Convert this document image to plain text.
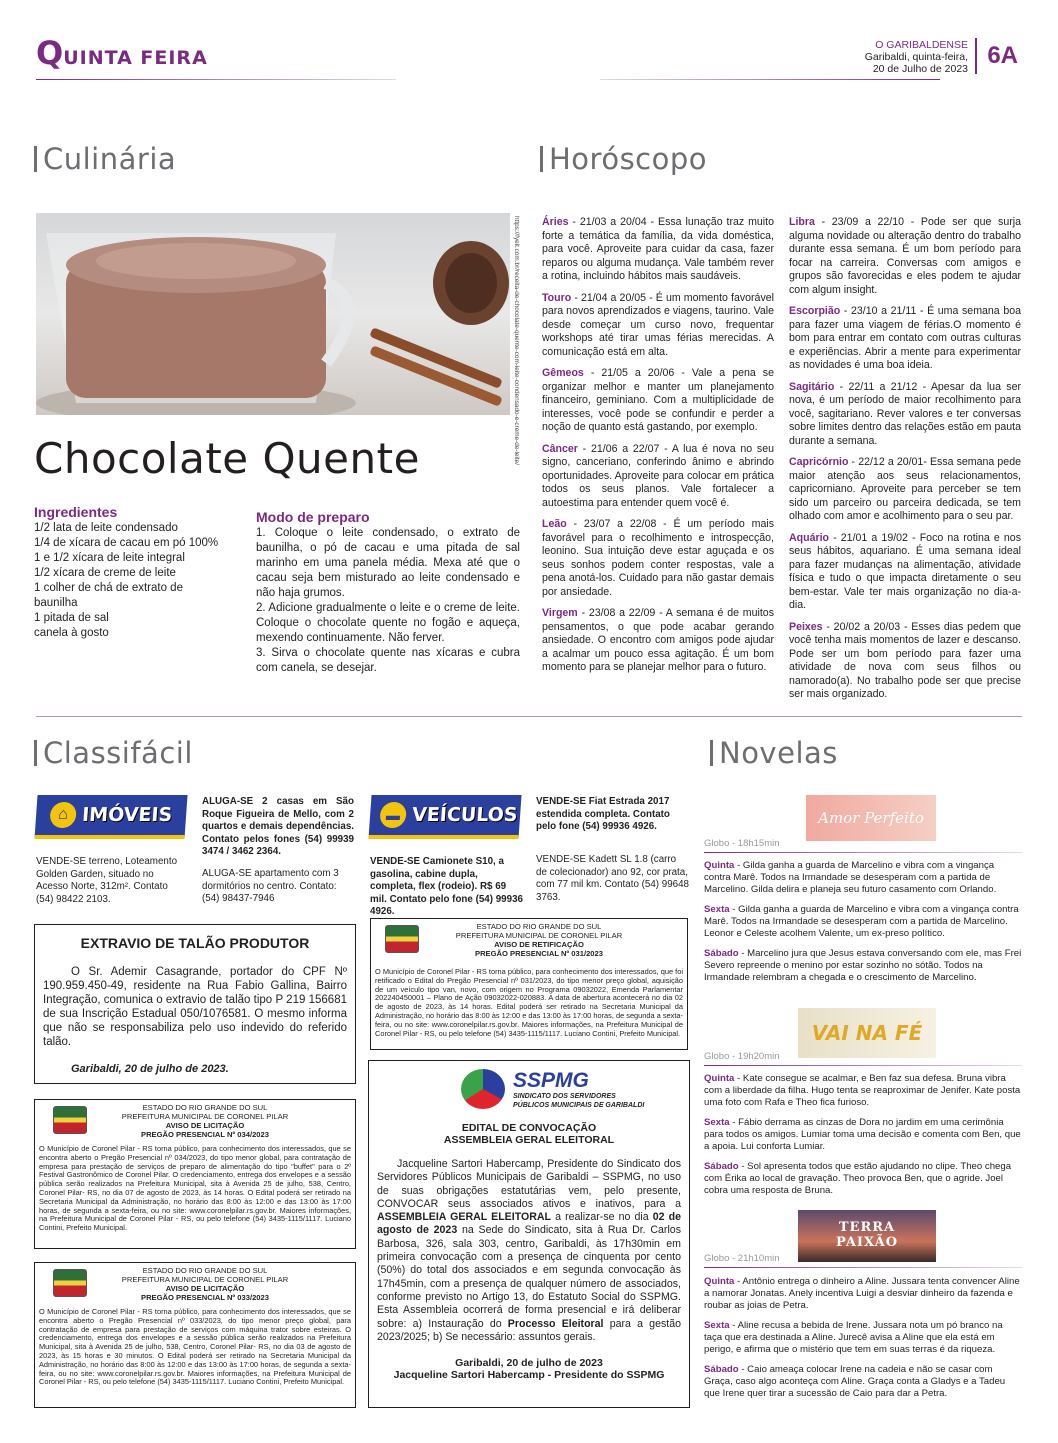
QUINTA FEIRA
O GARIBALDENSE
Garibaldi, quinta-feira,
20 de Julho de 2023 6A
Culinária
https://fyeit.com.br/receita-de-chocolate-quente-com-leite-condensado-e-creme-de-leite/
Chocolate Quente
Ingredientes
1/2 lata de leite condensado
1/4 de xícara de cacau em pó 100%
1 e 1/2 xícara de leite integral
1/2 xícara de creme de leite
1 colher de chá de extrato de baunilha
1 pitada de sal
canela à gosto
Modo de preparo
1. Coloque o leite condensado, o extrato de baunilha, o pó de cacau e uma pitada de sal marinho em uma panela média. Mexa até que o cacau seja bem misturado ao leite condensado e não haja grumos.
2. Adicione gradualmente o leite e o creme de leite. Coloque o chocolate quente no fogão e aqueça, mexendo continuamente. Não ferver.
3. Sirva o chocolate quente nas xícaras e cubra com canela, se desejar.
Horóscopo

Áries - 21/03 a 20/04 - Essa lunação traz muito forte a temática da família, da vida doméstica, para você. Aproveite para cuidar da casa, fazer reparos ou alguma mudança. Vale também rever a rotina, incluindo hábitos mais saudáveis.

Touro - 21/04 a 20/05 - É um momento favorável para novos aprendizados e viagens, taurino. Vale desde começar um curso novo, frequentar workshops até tirar umas férias merecidas. A comunicação está em alta.

Gêmeos - 21/05 a 20/06 - Vale a pena se organizar melhor e manter um planejamento financeiro, geminiano. Com a multiplicidade de interesses, você pode se confundir e perder a noção de quanto está gastando, por exemplo.

Câncer - 21/06 a 22/07 - A lua é nova no seu signo, canceriano, conferindo ânimo e abrindo oportunidades. Aproveite para colocar em prática todos os seus planos. Vale fortalecer a autoestima para entender quem você é.

Leão - 23/07 a 22/08 - É um período mais favorável para o recolhimento e introspecção, leonino. Sua intuição deve estar aguçada e os seus sonhos podem conter respostas, vale a pena anotá-los. Cuidado para não gastar demais por ansiedade.

Virgem - 23/08 a 22/09 - A semana é de muitos pensamentos, o que pode acabar gerando ansiedade. O encontro com amigos pode ajudar a acalmar um pouco essa agitação. É um bom momento para se planejar melhor para o futuro.

Libra - 23/09 a 22/10 - Pode ser que surja alguma novidade ou alteração dentro do trabalho durante essa semana. É um bom período para focar na carreira. Conversas com amigos e grupos são favorecidas e eles podem te ajudar com algum insight.

Escorpião - 23/10 a 21/11 - É uma semana boa para fazer uma viagem de férias.O momento é bom para entrar em contato com outras culturas e experiências. Abrir a mente para experimentar as novidades é uma boa ideia.

Sagitário - 22/11 a 21/12 - Apesar da lua ser nova, é um período de maior recolhimento para você, sagitariano. Rever valores e ter conversas sobre limites dentro das relações estão em pauta durante a semana.

Capricórnio - 22/12 a 20/01- Essa semana pede maior atenção aos seus relacionamentos, capricorniano. Aproveite para perceber se tem sido um parceiro ou parceira dedicada, se tem olhado com amor e acolhimento para o seu par.

Aquário - 21/01 a 19/02 - Foco na rotina e nos seus hábitos, aquariano. É uma semana ideal para fazer mudanças na alimentação, atividade física e tudo o que impacta diretamente o seu bem-estar. Vale ter mais organização no dia-a-dia.

Peixes - 20/02 a 20/03 - Esses dias pedem que você tenha mais momentos de lazer e descanso. Pode ser um bom período para fazer uma atividade de nova com seus filhos ou namorado(a). No trabalho pode ser que precise ser mais organizado.

Classifácil
⌂ IMÓVEIS
ALUGA-SE 2 casas em São Roque Figueira de Mello, com 2 quartos e demais dependências. Contato pelos fones (54) 99939 3474 / 3462 2364.
ALUGA-SE apartamento com 3 dormitórios no centro. Contato: (54) 98437-7946
VENDE-SE terreno, Loteamento Golden Garden, situado no Acesso Norte, 312m². Contato (54) 98422 2103.
▬ VEÍCULOS
VENDE-SE Fiat Estrada 2017 estendida completa. Contato pelo fone (54) 99936 4926.
VENDE-SE Kadett SL 1.8 (carro de colecionador) ano 92, cor prata, com 77 mil km. Contato (54) 99648 3763.
VENDE-SE Camionete S10, a gasolina, cabine dupla, completa, flex (rodeio). R$ 69 mil. Contato pelo fone (54) 99936 4926.
EXTRAVIO DE TALÃO PRODUTOR
O Sr. Ademir Casagrande, portador do CPF Nº 190.959.450-49, residente na Rua Fabio Gallina, Bairro Integração, comunica o extravio de talão tipo P 219 156681 de sua Inscrição Estadual 050/1076581. O mesmo informa que não se responsabiliza pelo uso indevido do referido talão.
Garibaldi, 20 de julho de 2023.
ESTADO DO RIO GRANDE DO SUL
PREFEITURA MUNICIPAL DE CORONEL PILAR
AVISO DE RETIFICAÇÃO
PREGÃO PRESENCIAL Nº 031/2023
O Município de Coronel Pilar - RS torna público, para conhecimento dos interessados, que foi retificado o Edital do Pregão Presencial nº 031/2023, do tipo menor preço global, aquisição de um veículo tipo van, novo, com origem no Programa 09032022, Emenda Parlamentar 202240450001 – Plano de Ação 09032022-020883. A data de abertura acontecerá no dia 02 de agosto de 2023, às 14 horas. Edital poderá ser retirado na Secretaria Municipal da Administração, no horário das 8:00 às 12:00 e das 13:00 às 17:00 horas, de segunda a sexta-feira, ou no site: www.coronelpilar.rs.gov.br. Maiores informações, na Prefeitura Municipal de Coronel Pilar - RS, ou pelo telefone (54) 3435-1115/1117. Luciano Contini, Prefeito Municipal.
ESTADO DO RIO GRANDE DO SUL
PREFEITURA MUNICIPAL DE CORONEL PILAR
AVISO DE LICITAÇÃO
PREGÃO PRESENCIAL Nº 034/2023
O Município de Coronel Pilar - RS torna público, para conhecimento dos interessados, que se encontra aberto o Pregão Presencial nº 034/2023, do tipo menor global, para contratação de empresa para prestação de serviços de preparo de alimentação do tipo "buffet" para o 2º Festival Gastronômico de Coronel Pilar. O credenciamento, entrega dos envelopes e a sessão pública serão realizados na Prefeitura Municipal, sita à Avenida 25 de julho, 538, Centro, Coronel Pilar- RS, no dia 07 de agosto de 2023, às 14 horas. O Edital poderá ser retirado na Secretaria Municipal da Administração, no horário das 8:00 às 12:00 e das 13:00 às 17:00 horas, de segunda a sexta-feira, ou no site: www.coronelpilar.rs.gov.br. Maiores informações, na Prefeitura Municipal de Coronel Pilar - RS, ou pelo telefone (54) 3435-1115/1117. Luciano Contini, Prefeito Municipal.
ESTADO DO RIO GRANDE DO SUL
PREFEITURA MUNICIPAL DE CORONEL PILAR
AVISO DE LICITAÇÃO
PREGÃO PRESENCIAL Nº 033/2023
O Município de Coronel Pilar - RS torna público, para conhecimento dos interessados, que se encontra aberto o Pregão Presencial nº 033/2023, do tipo menor preço global, para contratação de empresa para prestação de serviços com máquina trator sobre esteiras. O credenciamento, entrega dos envelopes e a sessão pública serão realizados na Prefeitura Municipal, sita à Avenida 25 de julho, 538, Centro, Coronel Pilar- RS, no dia 03 de agosto de 2023, às 15 horas e 30 minutos. O Edital poderá ser retirado na Secretaria Municipal da Administração, no horário das 8:00 às 12:00 e das 13:00 às 17:00 horas, de segunda a sexta-feira, ou no site: www.coronelpilar.rs.gov.br. Maiores informações, na Prefeitura Municipal de Coronel Pilar - RS, ou pelo telefone (54) 3435-1115/1117. Luciano Contini, Prefeito Municipal.
SSPMG
SINDICATO DOS SERVIDORES
PÚBLICOS MUNICIPAIS DE GARIBALDI
EDITAL DE CONVOCAÇÃO
ASSEMBLEIA GERAL ELEITORAL
Jacqueline Sartori Habercamp, Presidente do Sindicato dos Servidores Públicos Municipais de Garibaldi – SSPMG, no uso de suas obrigações estatutárias vem, pelo presente, CONVOCAR seus associados ativos e inativos, para a ASSEMBLEIA GERAL ELEITORAL a realizar-se no dia 02 de agosto de 2023 na Sede do Sindicato, sita à Rua Dr. Carlos Barbosa, 326, sala 303, centro, Garibaldi, às 17h30min em primeira convocação com a presença de cinquenta por cento (50%) do total dos associados e em segunda convocação às 17h45min, com a presença de qualquer número de associados, conforme previsto no Artigo 13, do Estatuto Social do SSPMG. Esta Assembleia ocorrerá de forma presencial e irá deliberar sobre: a) Instauração do Processo Eleitoral para a gestão 2023/2025; b) Se necessário: assuntos gerais.
Garibaldi, 20 de julho de 2023
Jacqueline Sartori Habercamp - Presidente do SSPMG
Novelas
Amor Perfeito
Globo - 18h15min

Quinta - Gilda ganha a guarda de Marcelino e vibra com a vingança contra Marê. Todos na Irmandade se desesperam com a partida de Marcelino. Gilda delira e planeja seu futuro casamento com Orlando.

Sexta - Gilda ganha a guarda de Marcelino e vibra com a vingança contra Marê. Todos na Irmandade se desesperam com a partida de Marcelino. Leonor e Celeste acolhem Valente, um ex-preso político.

Sábado - Marcelino jura que Jesus estava conversando com ele, mas Frei Severo repreende o menino por estar sozinho no sótão. Todos na Irmandade relembram a chegada e o crescimento de Marcelino.

VAI NA FÉ
Globo - 19h20min

Quinta - Kate consegue se acalmar, e Ben faz sua defesa. Bruna vibra com a liberdade da filha. Hugo tenta se reaproximar de Jenifer. Kate posta uma foto com Rafa e Theo fica furioso.

Sexta - Fábio derrama as cinzas de Dora no jardim em uma cerimônia para todos os amigos. Lumiar toma uma decisão e comenta com Ben, que a apoia. Lui conforta Lumiar.

Sábado - Sol apresenta todos que estão ajudando no clipe. Theo chega com Érika ao local de gravação. Theo provoca Ben, que o agride. Joel cobra uma resposta de Bruna.

TERRA
PAIXÃO
Globo - 21h10min

Quinta - Antônio entrega o dinheiro a Aline. Jussara tenta convencer Aline a namorar Jonatas. Anely incentiva Luigi a desviar dinheiro da fazenda e roubar as joias de Petra.

Sexta - Aline recusa a bebida de Irene. Jussara nota um pó branco na taça que era destinada a Aline. Jurecê avisa a Aline que ela está em perigo, e afirma que o mistério que tem em suas terras é da riqueza.

Sábado - Caio ameaça colocar Irene na cadeia e não se casar com Graça, caso algo aconteça com Aline. Graça conta a Gladys e a Tadeu que Irene quer tirar a sucessão de Caio para dar a Petra.
